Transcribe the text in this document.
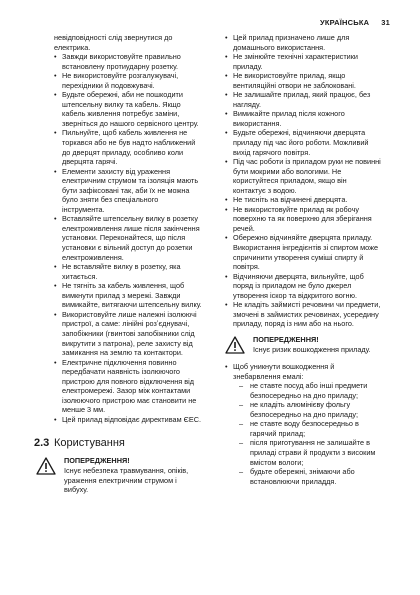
УКРАЇНСЬКА 31

невідповідності слід звернутися до електрика.

• Завжди використовуйте правильно встановлену протиударну розетку.
• Не використовуйте розгалужувачі, перехідники й подовжувачі.
• Будьте обережні, аби не пошкодити штепсельну вилку та кабель. Якщо кабель живлення потребує заміни, зверніться до нашого сервісного центру.
• Пильнуйте, щоб кабель живлення не торкався або не був надто наближений до дверцят приладу, особливо коли дверцята гарячі.
• Елементи захисту від ураження електричним струмом та ізоляція мають бути зафіксовані так, аби їх не можна було зняти без спеціального інструмента.
• Вставляйте штепсельну вилку в розетку електроживлення лише після закінчення установки. Переконайтеся, що після установки є вільний доступ до розетки електроживлення.
• Не вставляйте вилку в розетку, яка хитається.
• Не тягніть за кабель живлення, щоб вимкнути прилад з мережі. Завжди вимикайте, витягаючи штепсельну вилку.
• Використовуйте лише належні ізолюючі пристрої, а саме: лінійні розʼєднувачі, запобіжники (гвинтові запобіжники слід викрутити з патрона), реле захисту від замикання на землю та контактори.
• Електричне підключення повинно передбачати наявність ізолюючого пристрою для повного відключення від електромережі. Зазор між контактами ізолюючого пристрою має становити не менше 3 мм.
• Цей прилад відповідає директивам ЄЕС.
2.3 Користування
ПОПЕРЕДЖЕННЯ!
Існує небезпека травмування, опіків, ураження електричним струмом і вибуху.
• Цей прилад призначено лише для домашнього використання.
• Не змінюйте технічні характеристики приладу.
• Не використовуйте прилад, якщо вентиляційні отвори не заблоковані.
• Не залишайте прилад, який працює, без нагляду.
• Вимикайте прилад після кожного використання.
• Будьте обережні, відчиняючи дверцята приладу під час його роботи. Можливий вихід гарячого повітря.
• Під час роботи із приладом руки не повинні бути мокрими або вологими. Не користуйтеся приладом, якщо він контактує з водою.
• Не тисніть на відчинені дверцята.
• Не використовуйте прилад як робочу поверхню та як поверхню для зберігання речей.
• Обережно відчиняйте дверцята приладу. Використання інгредієнтів зі спиртом може спричинити утворення суміші спирту й повітря.
• Відчиняючи дверцята, вильнуйте, щоб поряд із приладом не було джерел утворення іскор та відкритого вогню.
• Не кладіть займисті речовини чи предмети, змочені в займистих речовинах, усередину приладу, поряд із ним або на нього.
ПОПЕРЕДЖЕННЯ!
Існує ризик вошкодження приладу.
• Щоб уникнути вошкодження й знебарвлення емалі:
– не ставте посуд або інші предмети безпосередньо на дно приладу;
– не кладіть алюмінієву фольгу безпосередньо на дно приладу;
– не ставте воду безпосередньо в гарячий прилад;
– після приготування не залишайте в приладі страви й продукти з високим вмістом вологи;
– будьте обережні, знімаючи або встановлюючи приладдя.
